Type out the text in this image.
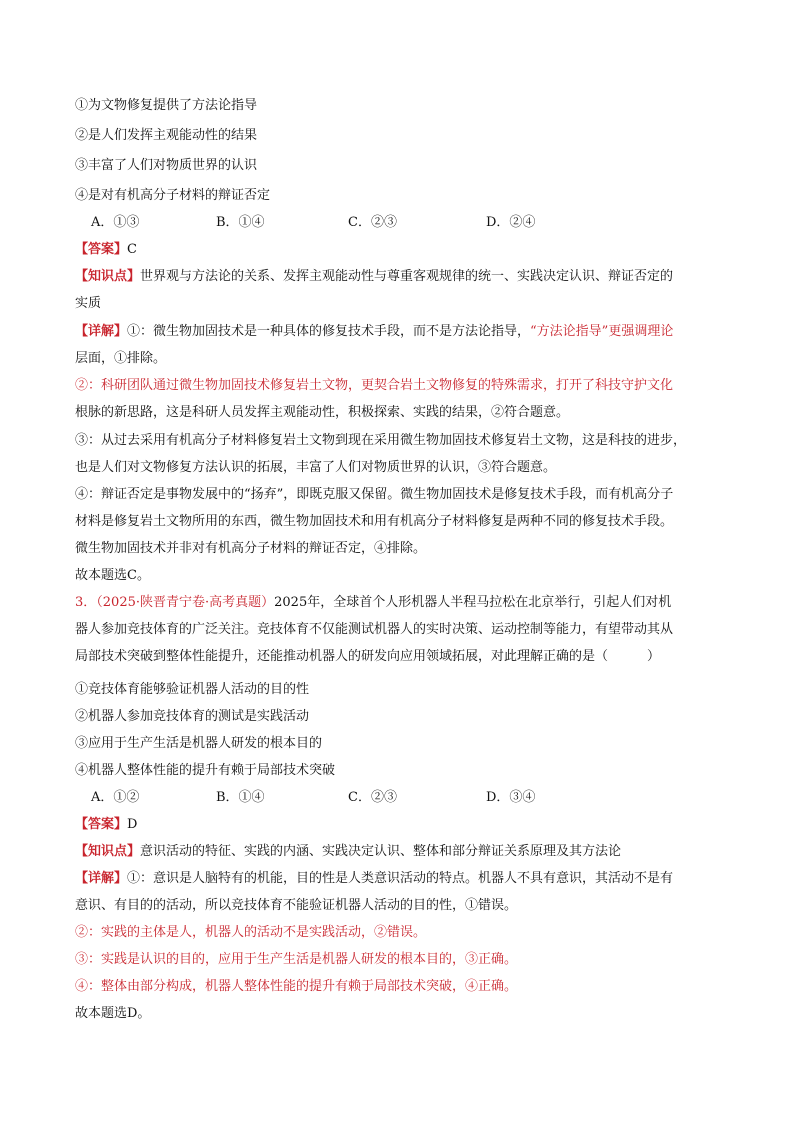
①为文物修复提供了方法论指导
②是人们发挥主观能动性的结果
③丰富了人们对物质世界的认识
④是对有机高分子材料的辩证否定
A．①③	B．①④	C．②③	D．②④
【答案】C
【知识点】世界观与方法论的关系、发挥主观能动性与尊重客观规律的统一、实践决定认识、辩证否定的
实质
【详解】①：微生物加固技术是一种具体的修复技术手段，而不是方法论指导，“方法论指导”更强调理论
层面，①排除。
②：科研团队通过微生物加固技术修复岩土文物，更契合岩土文物修复的特殊需求，打开了科技守护文化
根脉的新思路，这是科研人员发挥主观能动性，积极探索、实践的结果，②符合题意。
③：从过去采用有机高分子材料修复岩土文物到现在采用微生物加固技术修复岩土文物，这是科技的进步，
也是人们对文物修复方法认识的拓展，丰富了人们对物质世界的认识，③符合题意。
④：辩证否定是事物发展中的“扬弃”，即既克服又保留。微生物加固技术是修复技术手段，而有机高分子
材料是修复岩土文物所用的东西，微生物加固技术和用有机高分子材料修复是两种不同的修复技术手段。
微生物加固技术并非对有机高分子材料的辩证否定，④排除。
故本题选C。
3．（2025·陕晋青宁卷·高考真题）2025年，全球首个人形机器人半程马拉松在北京举行，引起人们对机
器人参加竞技体育的广泛关注。竞技体育不仅能测试机器人的实时决策、运动控制等能力，有望带动其从
局部技术突破到整体性能提升，还能推动机器人的研发向应用领域拓展，对此理解正确的是（　　　）
①竞技体育能够验证机器人活动的目的性
②机器人参加竞技体育的测试是实践活动
③应用于生产生活是机器人研发的根本目的
④机器人整体性能的提升有赖于局部技术突破
A．①②	B．①④	C．②③	D．③④
【答案】D
【知识点】意识活动的特征、实践的内涵、实践决定认识、整体和部分辩证关系原理及其方法论
【详解】①：意识是人脑特有的机能，目的性是人类意识活动的特点。机器人不具有意识，其活动不是有
意识、有目的的活动，所以竞技体育不能验证机器人活动的目的性，①错误。
②：实践的主体是人，机器人的活动不是实践活动，②错误。
③：实践是认识的目的，应用于生产生活是机器人研发的根本目的，③正确。
④：整体由部分构成，机器人整体性能的提升有赖于局部技术突破，④正确。
故本题选D。
